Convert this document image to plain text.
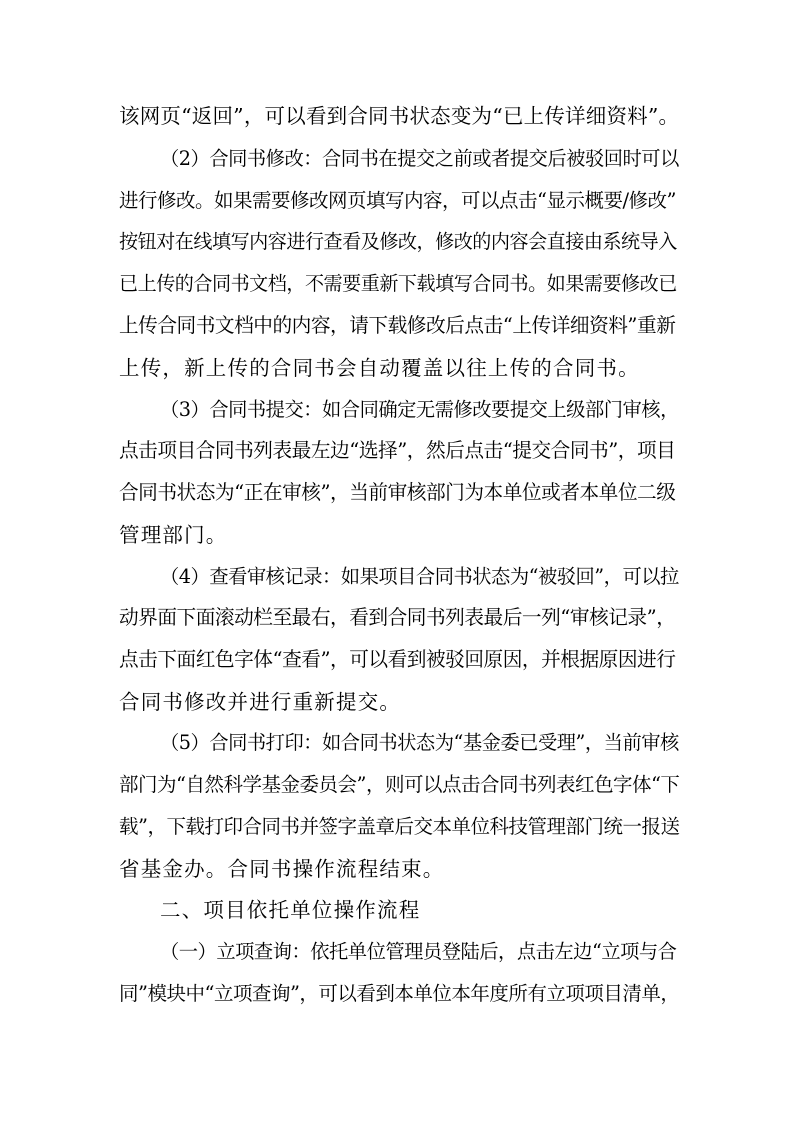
该网页“返回”，可以看到合同书状态变为“已上传详细资料”。
（2）合同书修改：合同书在提交之前或者提交后被驳回时可以
进行修改。如果需要修改网页填写内容，可以点击“显示概要/修改”
按钮对在线填写内容进行查看及修改，修改的内容会直接由系统导入
已上传的合同书文档，不需要重新下载填写合同书。如果需要修改已
上传合同书文档中的内容，请下载修改后点击“上传详细资料”重新
上传，新上传的合同书会自动覆盖以往上传的合同书。
（3）合同书提交：如合同确定无需修改要提交上级部门审核，
点击项目合同书列表最左边“选择”，然后点击“提交合同书”，项目
合同书状态为“正在审核”，当前审核部门为本单位或者本单位二级
管理部门。
（4）查看审核记录：如果项目合同书状态为“被驳回”，可以拉
动界面下面滚动栏至最右，看到合同书列表最后一列“审核记录”，
点击下面红色字体“查看”，可以看到被驳回原因，并根据原因进行
合同书修改并进行重新提交。
（5）合同书打印：如合同书状态为“基金委已受理”，当前审核
部门为“自然科学基金委员会”，则可以点击合同书列表红色字体“下
载”，下载打印合同书并签字盖章后交本单位科技管理部门统一报送
省基金办。合同书操作流程结束。
二、项目依托单位操作流程
（一）立项查询：依托单位管理员登陆后，点击左边“立项与合
同”模块中“立项查询”，可以看到本单位本年度所有立项项目清单，
